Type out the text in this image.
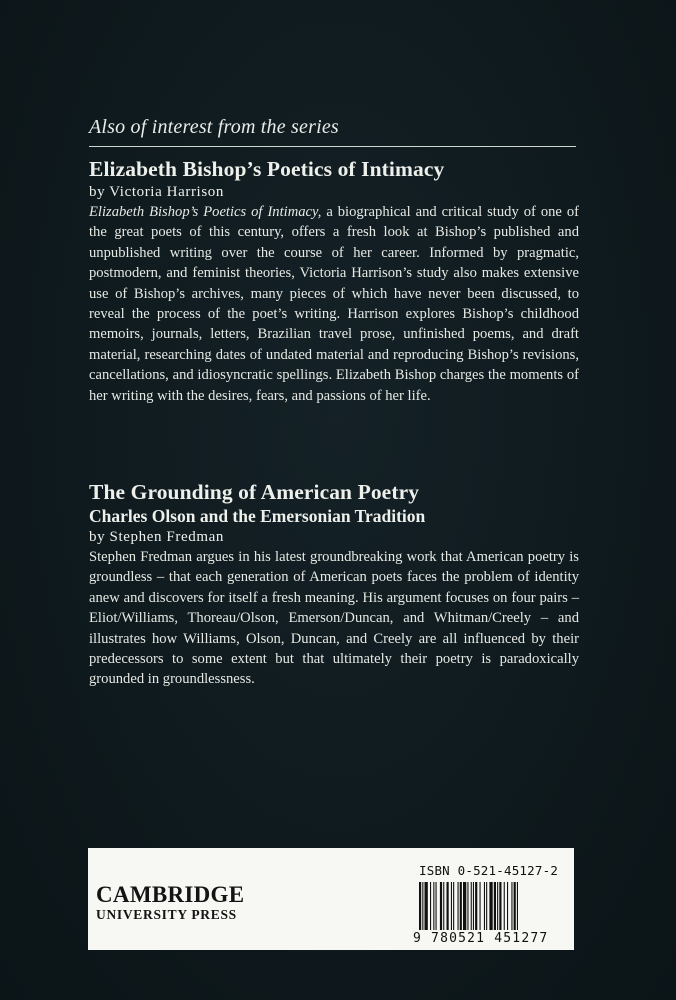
Also of interest from the series
Elizabeth Bishop’s Poetics of Intimacy
by Victoria Harrison
Elizabeth Bishop’s Poetics of Intimacy, a biographical and critical study of one of the great poets of this century, offers a fresh look at Bishop’s published and unpublished writing over the course of her career. Informed by pragmatic, postmodern, and feminist theories, Victoria Harrison’s study also makes extensive use of Bishop’s archives, many pieces of which have never been discussed, to reveal the process of the poet’s writing. Harrison explores Bishop’s childhood memoirs, journals, letters, Brazilian travel prose, unfinished poems, and draft material, researching dates of undated material and reproducing Bishop’s revisions, cancellations, and idiosyncratic spellings. Elizabeth Bishop charges the moments of her writing with the desires, fears, and passions of her life.
The Grounding of American Poetry
Charles Olson and the Emersonian Tradition
by Stephen Fredman
Stephen Fredman argues in his latest groundbreaking work that American poetry is groundless – that each generation of American poets faces the problem of identity anew and discovers for itself a fresh meaning. His argument focuses on four pairs – Eliot/Williams, Thoreau/Olson, Emerson/Duncan, and Whitman/Creely – and illustrates how Williams, Olson, Duncan, and Creely are all influenced by their predecessors to some extent but that ultimately their poetry is paradoxically grounded in groundlessness.
CAMBRIDGE
UNIVERSITY PRESS
ISBN 0-521-45127-2
9 780521 451277
